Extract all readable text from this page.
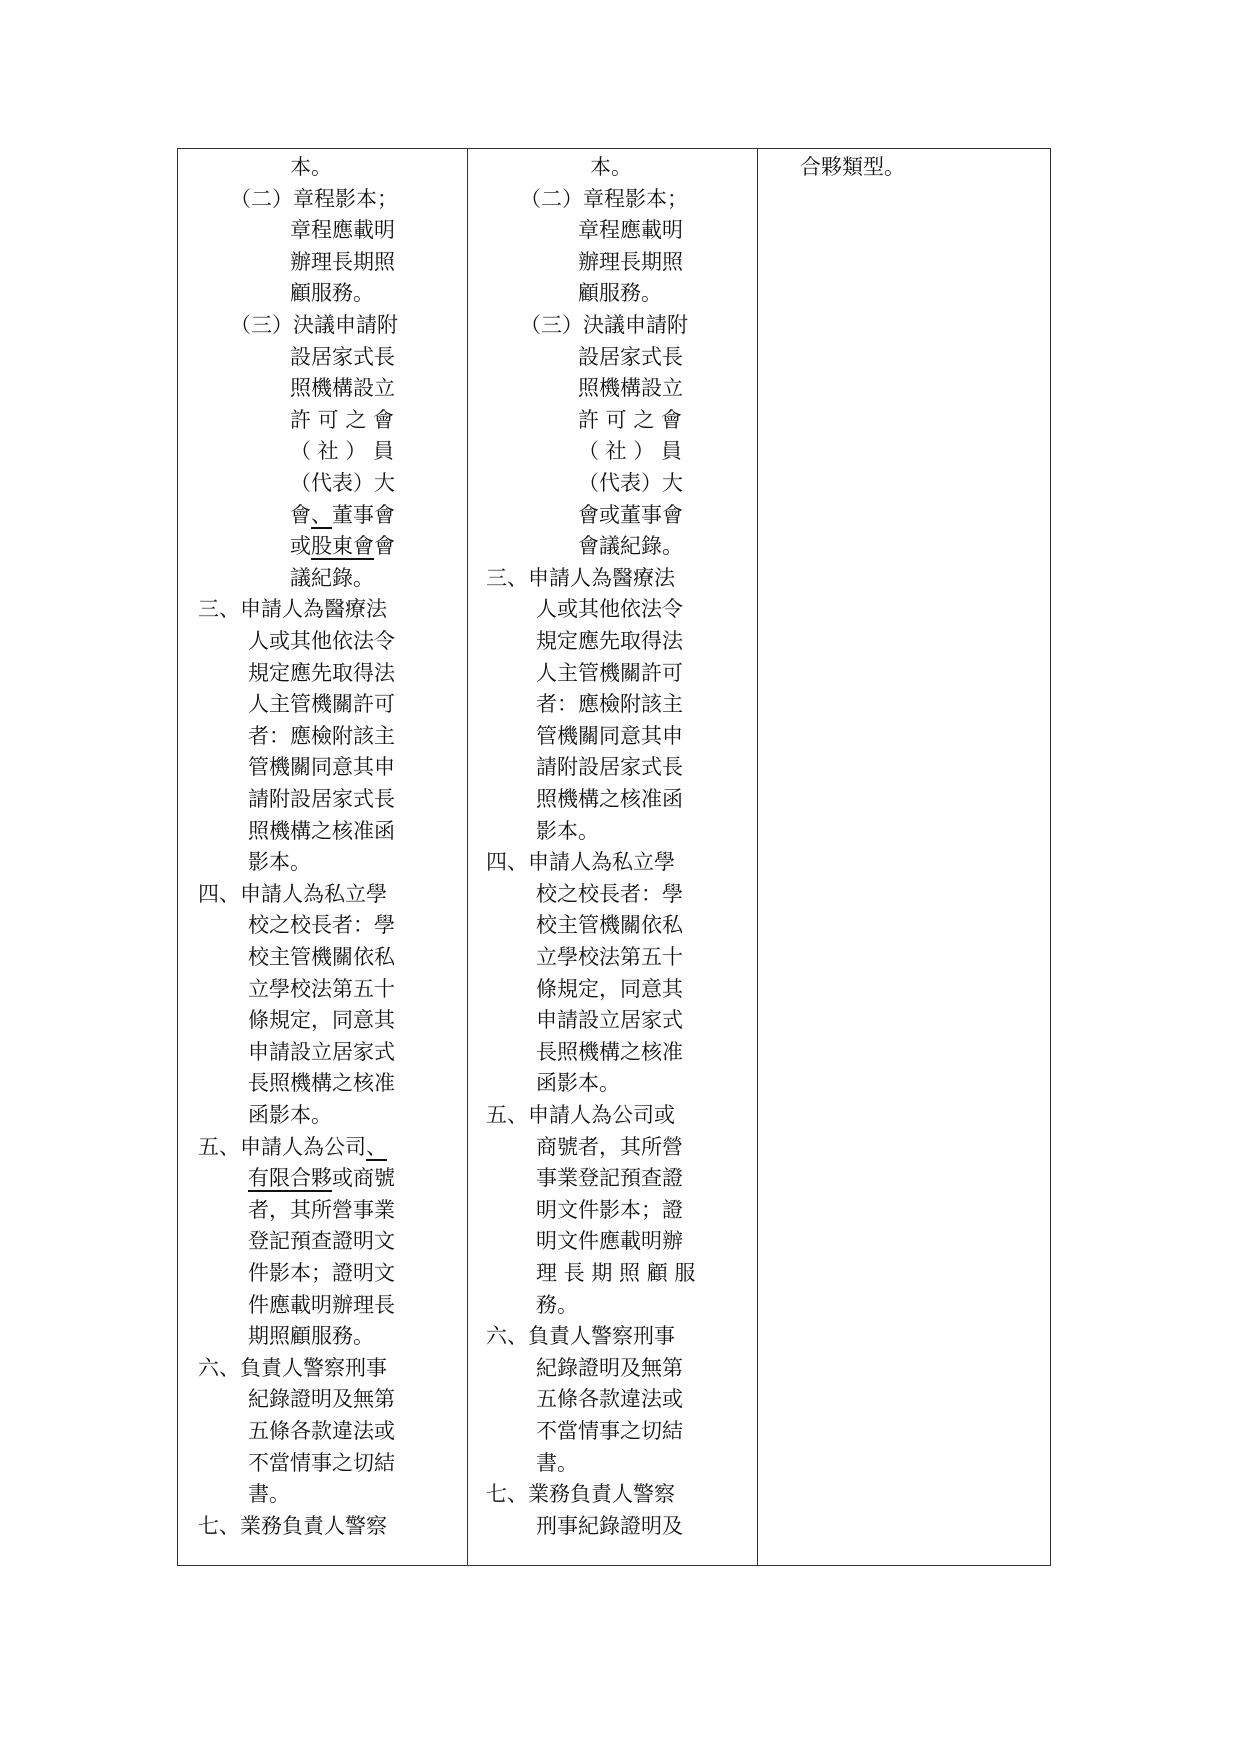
本。
（二）章程影本；
章程應載明
辦理長期照
顧服務。
（三）決議申請附
設居家式長
照機構設立
許 可 之 會
（ 社 ） 員
（代表）大
會、董事會
或股東會會
議紀錄。
三、申請人為醫療法
人或其他依法令
規定應先取得法
人主管機關許可
者：應檢附該主
管機關同意其申
請附設居家式長
照機構之核准函
影本。
四、申請人為私立學
校之校長者：學
校主管機關依私
立學校法第五十
條規定，同意其
申請設立居家式
長照機構之核准
函影本。
五、申請人為公司、
有限合夥或商號
者，其所營事業
登記預查證明文
件影本；證明文
件應載明辦理長
期照顧服務。
六、負責人警察刑事
紀錄證明及無第
五條各款違法或
不當情事之切結
書。
七、業務負責人警察
本。
（二）章程影本；
章程應載明
辦理長期照
顧服務。
（三）決議申請附
設居家式長
照機構設立
許 可 之 會
（ 社 ） 員
（代表）大
會或董事會
會議紀錄。
三、申請人為醫療法
人或其他依法令
規定應先取得法
人主管機關許可
者：應檢附該主
管機關同意其申
請附設居家式長
照機構之核准函
影本。
四、申請人為私立學
校之校長者：學
校主管機關依私
立學校法第五十
條規定，同意其
申請設立居家式
長照機構之核准
函影本。
五、申請人為公司或
商號者，其所營
事業登記預查證
明文件影本；證
明文件應載明辦
理 長 期 照 顧 服
務。
六、負責人警察刑事
紀錄證明及無第
五條各款違法或
不當情事之切結
書。
七、業務負責人警察
刑事紀錄證明及
合夥類型。
